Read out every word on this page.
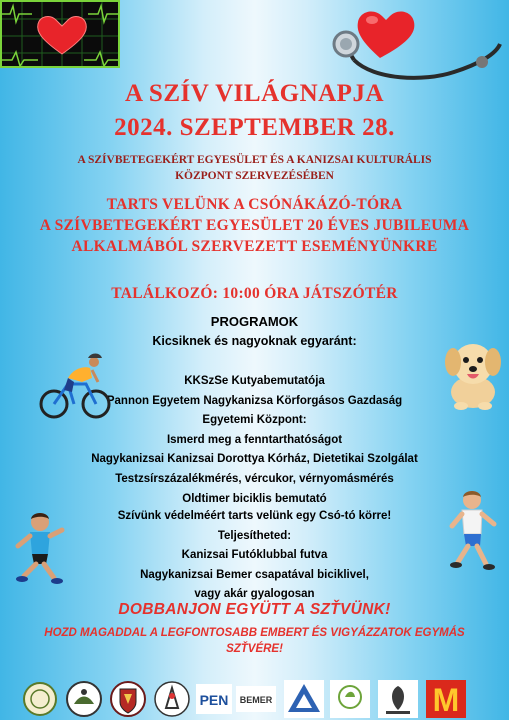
A SZÍV VILÁGNAPJA
2024. SZEPTEMBER 28.
A SZÍVBETEGEKÉRT EGYESÜLET ÉS A KANIZSAI KULTURÁLIS
KÖZPONT SZERVEZÉSÉBEN
TARTS VELÜNK A CSÓNÁKÁZÓ-TÓRA
A SZÍVBETEGEKÉRT EGYESÜLET 20 ÉVES JUBILEUMA
ALKALMÁBÓL SZERVEZETT ESEMÉNYÜNKRE
TALÁLKOZÓ: 10:00 ÓRA JÁTSZÓTÉR
PROGRAMOK
Kicsiknek és nagyoknak egyaránt:
KKSzSe Kutyabemutatója
Pannon Egyetem Nagykanizsa Körforgásos Gazdaság
Egyetemi Központ:
Ismerd meg a fenntarthatóságot
Nagykanizsai Kanizsai Dorottya Kórház, Dietetikai Szolgálat
Testzsírszázalékmérés, vércukor, vérnyomásmérés
Oldtimer biciklis bemutató
Szívünk védelméért tarts velünk egy Csó-tó körre!
Teljesítheted:
Kanizsai Futóklubbal futva
Nagykanizsai Bemer csapatával biciklivel,
vagy akár gyalogosan
DOBBANJON EGYÜTT A SZŤVÜNK!
HOZD MAGADDAL A LEGFONTOSABB EMBERT ÉS VIGYÁZZATOK EGYMÁS
SZŤVÉRE!
PEN BEMER	M
